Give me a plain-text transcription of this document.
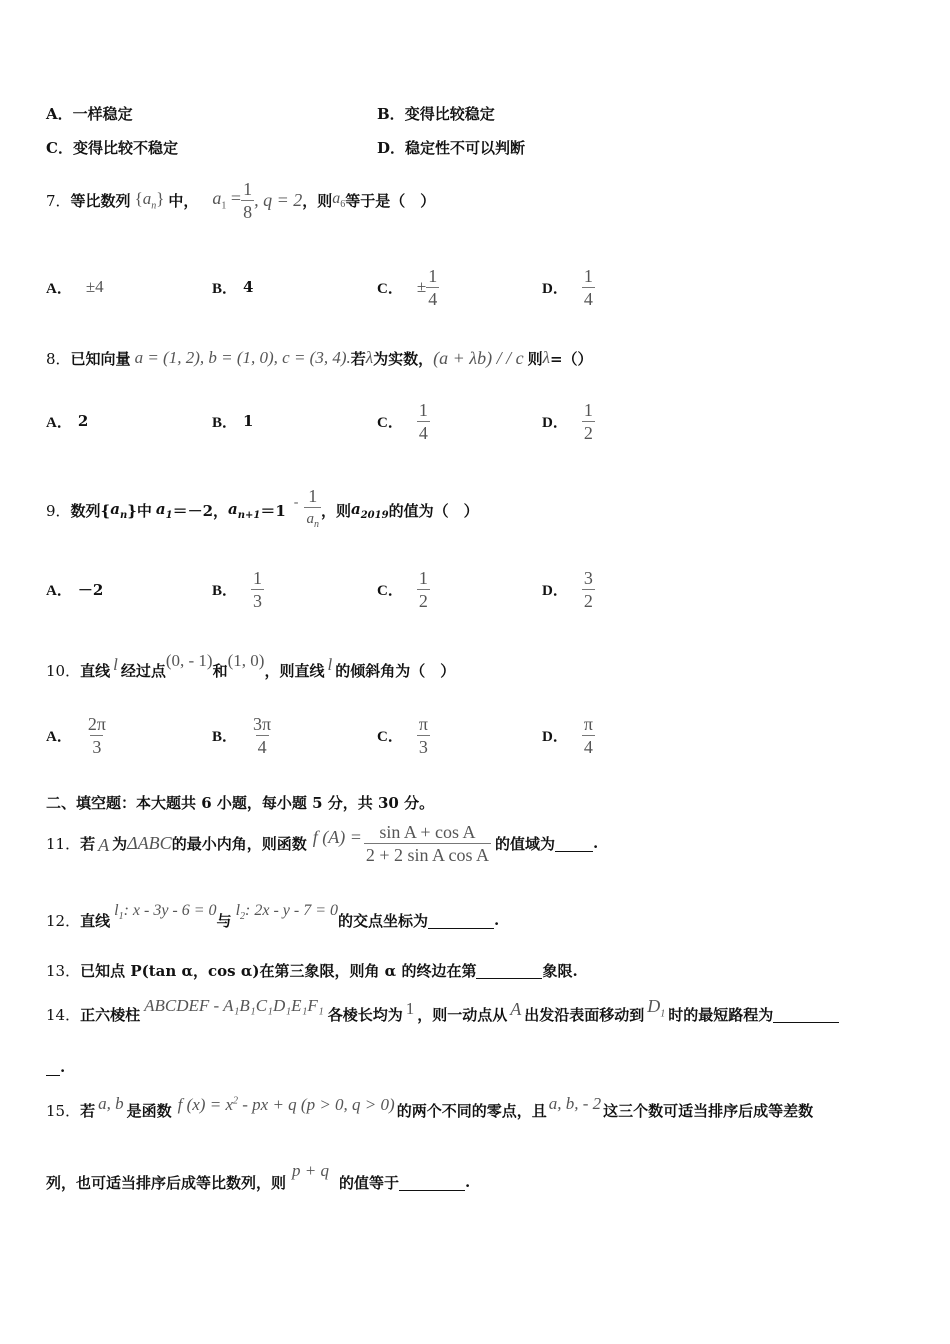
A．一样稳定	B．变得比较稳定
C．变得比较不稳定	D．稳定性不可以判断
7． 等比数列 $\{a_n\}$ 中， $a_1 = \frac{1}{8}$ , q = 2 ，则 $a_6$ 等于是（　）
A． ±4	B． 4	C． ± $\frac{1}{4}$	D． $\frac{1}{4}$
8． 已知向量 a = (1, 2), b = (1, 0), c = (3, 4). 若 λ 为实数， (a + λb) / / c 则 λ =（）
A． 2	B． 1	C． $\frac{1}{4}$	D． $\frac{1}{2}$
9． 数列{ $a_n$ }中 $a_1 =-2$， $a_{n+1} =1 - \frac{1}{a_n}$ ，则 $a_{2019}$ 的值为（　）
A． －2	B． $\frac{1}{3}$	C． $\frac{1}{2}$	D． $\frac{3}{2}$
10． 直线 l 经过点
(0, - 1)
和
(1, 0)
，则直线 l 的倾斜角为（　）
A． $\frac{2\pi}{3}$	B． $\frac{3\pi}{4}$	C． $\frac{\pi}{3}$	D． $\frac{\pi}{4}$
二、填空题：本大题共 6 小题，每小题 5 分，共 30 分。
11． 若 A 为 ΔABC 的最小内角，则函数 f $(A) = \frac{\text{sin A + cos A}}{\text{2 + 2 sin A cos A}}$ 的值域为	.
12． 直线
$l_1$: x - 3y - 6 = 0
与
$l_2$: 2x - y - 7 = 0
的交点坐标为	.
13． 已知点 P(tan α，cos α)在第三象限，则角 α 的终边在第	象限.
14． 正六棱柱 ABCDEF - A₁B₁C₁D₁E₁F₁ 各棱长均为 1 ，则一动点从 A 出发沿表面移动到 $D_1$ 时的最短路程为
.
15． 若 a, b 是函数 f $(x) = x^2$ - px + q (p > 0, q > 0) 的两个不同的零点，且 a, b, - 2 这三个数可适当排序后成等差数
列，也可适当排序后成等比数列，则
p + q
的值等于	.
